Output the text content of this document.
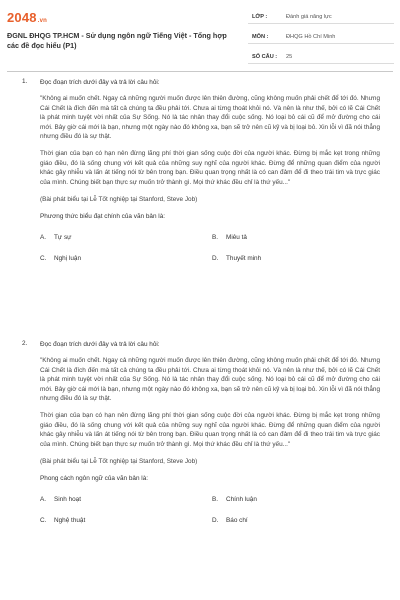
2048.vn
ĐGNL ĐHQG TP.HCM - Sử dụng ngôn ngữ Tiếng Việt - Tổng hợp các đề đọc hiểu (P1)
LỚP :	Đánh giá năng lực
MÔN :	ĐHQG Hồ Chí Minh
SỐ CÂU :	25
1. Đọc đoạn trích dưới đây và trả lời câu hỏi:
"Không ai muốn chết. Ngay cả những người muốn được lên thiên đường, cũng không muốn phải chết để tới đó. Nhưng Cái Chết là đích đến mà tất cả chúng ta đều phải tới. Chưa ai từng thoát khỏi nó. Và nên là như thế, bởi có lẽ Cái Chết là phát minh tuyệt vời nhất của Sự Sống. Nó là tác nhân thay đổi cuộc sống. Nó loại bỏ cái cũ để mở đường cho cái mới. Bây giờ cái mới là bạn, nhưng một ngày nào đó không xa, bạn sẽ trở nên cũ kỹ và bị loại bỏ. Xin lỗi vì đã nói thẳng nhưng điều đó là sự thật.
Thời gian của bạn có hạn nên đừng lãng phí thời gian sống cuộc đời của người khác. Đừng bị mắc kẹt trong những giáo điều, đó là sống chung với kết quả của những suy nghĩ của người khác. Đừng để những quan điểm của người khác gây nhiễu và lấn át tiếng nói từ bên trong bạn. Điều quan trọng nhất là có can đảm để đi theo trái tim và trực giác của mình. Chúng biết bạn thực sự muốn trở thành gì. Mọi thứ khác đều chỉ là thứ yếu..."
(Bài phát biểu tại Lễ Tốt nghiệp tại Stanford, Steve Job)
Phương thức biểu đạt chính của văn bản là:
A.	Tự sự	B.	Miêu tả
C.	Nghị luận	D.	Thuyết minh
2. Đọc đoạn trích dưới đây và trả lời câu hỏi:
"Không ai muốn chết. Ngay cả những người muốn được lên thiên đường, cũng không muốn phải chết để tới đó. Nhưng Cái Chết là đích đến mà tất cả chúng ta đều phải tới. Chưa ai từng thoát khỏi nó. Và nên là như thế, bởi có lẽ Cái Chết là phát minh tuyệt vời nhất của Sự Sống. Nó là tác nhân thay đổi cuộc sống. Nó loại bỏ cái cũ để mở đường cho cái mới. Bây giờ cái mới là bạn, nhưng một ngày nào đó không xa, bạn sẽ trở nên cũ kỹ và bị loại bỏ. Xin lỗi vì đã nói thẳng nhưng điều đó là sự thật.
Thời gian của bạn có hạn nên đừng lãng phí thời gian sống cuộc đời của người khác. Đừng bị mắc kẹt trong những giáo điều, đó là sống chung với kết quả của những suy nghĩ của người khác. Đừng để những quan điểm của người khác gây nhiễu và lấn át tiếng nói từ bên trong bạn. Điều quan trọng nhất là có can đảm để đi theo trái tim và trực giác của mình. Chúng biết bạn thực sự muốn trở thành gì. Mọi thứ khác đều chỉ là thứ yếu..."
(Bài phát biểu tại Lễ Tốt nghiệp tại Stanford, Steve Job)
Phong cách ngôn ngữ của văn bản là:
A.	Sinh hoạt	B.	Chính luận
C.	Nghệ thuật	D.	Báo chí
